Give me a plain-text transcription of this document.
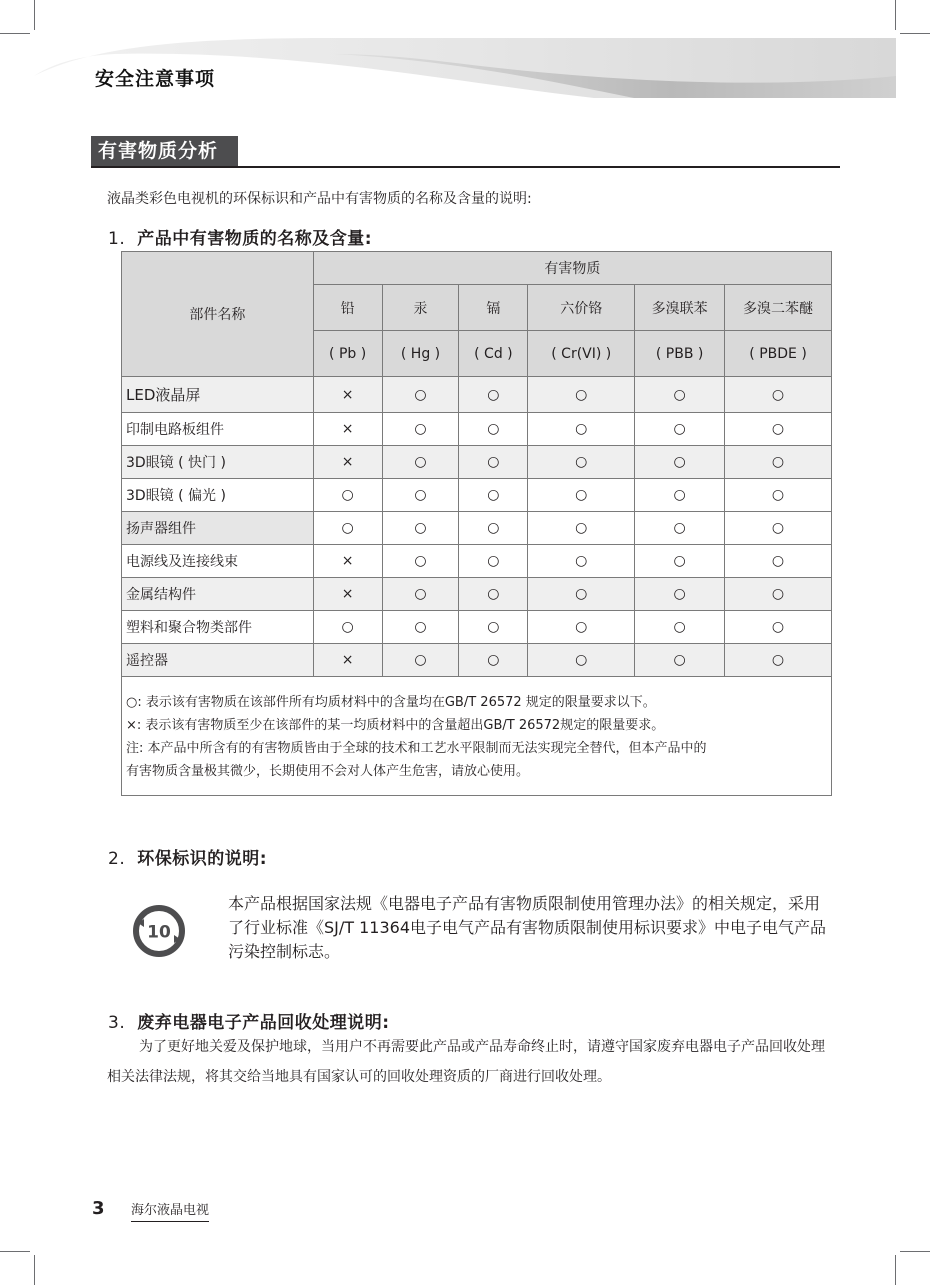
安全注意事项
有害物质分析
液晶类彩色电视机的环保标识和产品中有害物质的名称及含量的说明:
1. 产品中有害物质的名称及含量:
部件名称	有害物质					
	铅	汞	镉	六价铬	多溴联苯	多溴二苯醚
	( Pb )	( Hg )	( Cd )	( Cr(VI) )	( PBB )	( PBDE )
LED液晶屏	×	○	○	○	○	○
印制电路板组件	×	○	○	○	○	○
3D眼镜 ( 快门 )	×	○	○	○	○	○
3D眼镜 ( 偏光 )	○	○	○	○	○	○
扬声器组件	○	○	○	○	○	○
电源线及连接线束	×	○	○	○	○	○
金属结构件	×	○	○	○	○	○
塑料和聚合物类部件	○	○	○	○	○	○
遥控器	×	○	○	○	○	○

○: 表示该有害物质在该部件所有均质材料中的含量均在GB/T 26572 规定的限量要求以下。
×: 表示该有害物质至少在该部件的某一均质材料中的含量超出GB/T 26572规定的限量要求。
注: 本产品中所含有的有害物质皆由于全球的技术和工艺水平限制而无法实现完全替代，但本产品中的
有害物质含量极其微少，长期使用不会对人体产生危害，请放心使用。						
2. 环保标识的说明:
10
本产品根据国家法规《电器电子产品有害物质限制使用管理办法》的相关规定，采用了行业标准《SJ/T 11364电子电气产品有害物质限制使用标识要求》中电子电气产品污染控制标志。
3. 废弃电器电子产品回收处理说明:
为了更好地关爱及保护地球，当用户不再需要此产品或产品寿命终止时，请遵守国家废弃电器电子产品回收处理相关法律法规，将其交给当地具有国家认可的回收处理资质的厂商进行回收处理。
3 海尔液晶电视
